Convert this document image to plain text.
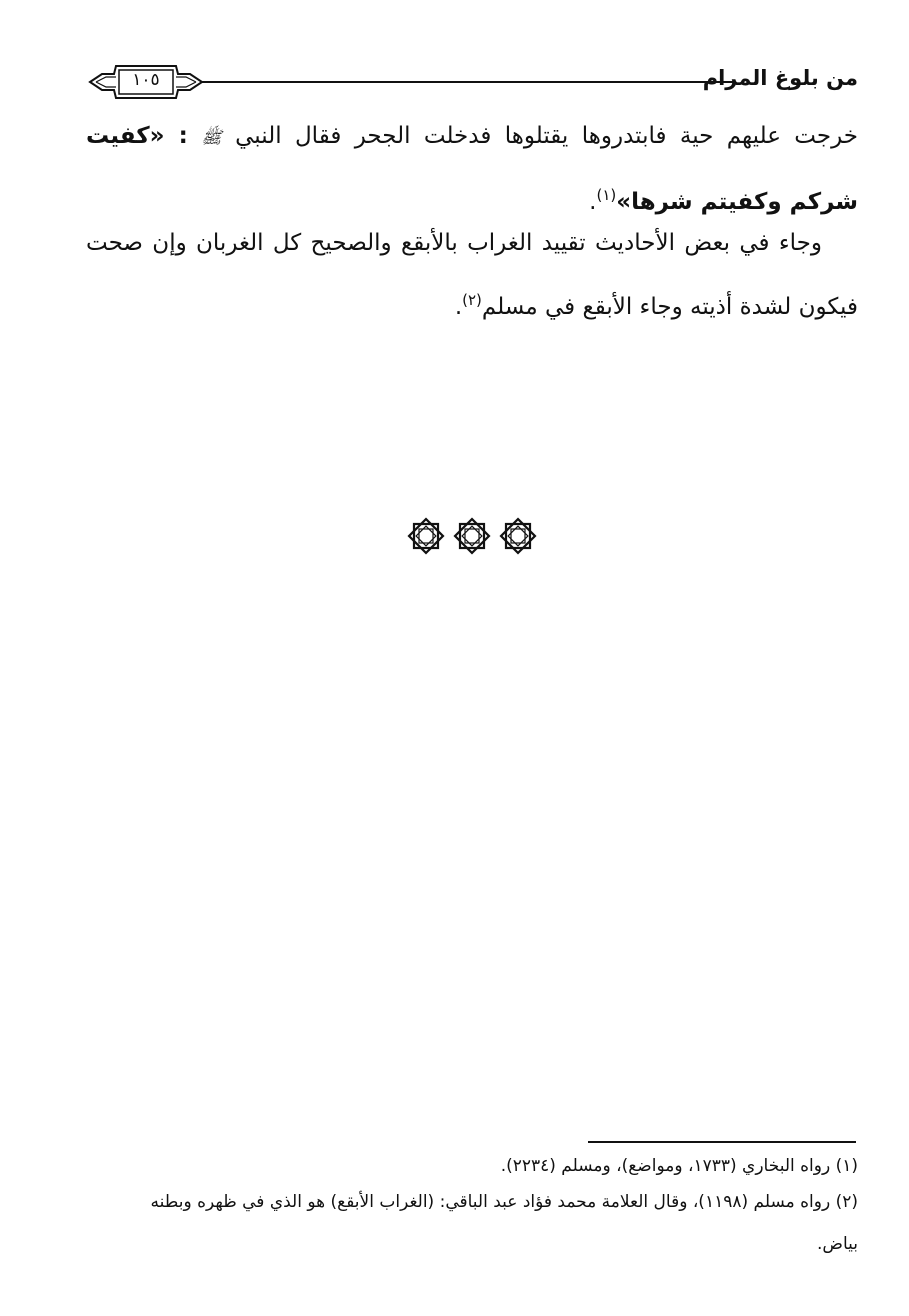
من بلوغ المرام
١٠٥
خرجت عليهم حية فابتدروها يقتلوها فدخلت الجحر فقال النبي ﷺ : «كفيت شركم وكفيتم شرها»$^{(١)}$.
وجاء في بعض الأحاديث تقييد الغراب بالأبقع والصحيح كل الغربان وإن صحت فيكون لشدة أذيته وجاء الأبقع في مسلم$^{(٢)}$.

(١) رواه البخاري (١٧٣٣، ومواضع)، ومسلم (٢٢٣٤).

(٢) رواه مسلم (١١٩٨)، وقال العلامة محمد فؤاد عبد الباقي: (الغراب الأبقع) هو الذي في ظهره وبطنه
بياض.
